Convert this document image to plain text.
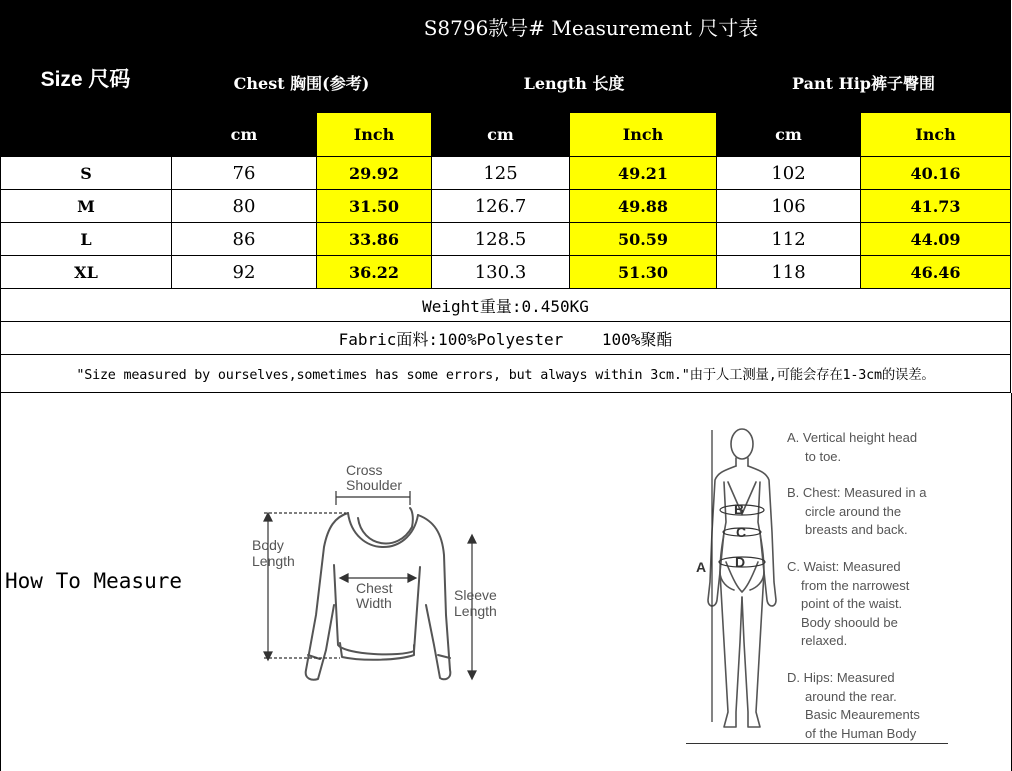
Size 尺码
S8796款号# Measurement 尺寸表
Chest 胸围(参考)	Length 长度	Pant Hip裤子臀围
cm	Inch	cm	Inch	cm	Inch
S	76	29.92	125	49.21	102	40.16
M	80	31.50	126.7	49.88	106	41.73
L	86	33.86	128.5	50.59	112	44.09
XL	92	36.22	130.3	51.30	118	46.46
Weight重量:0.450KG
Fabric面料:100%Polyester    100%聚酯
"Size measured by ourselves,sometimes has some errors, but always within 3cm."由于人工测量,可能会存在1-3cm的误差。
How To Measure
Cross
Shoulder
Body
Length
Chest
Width	Sleeve
Length
B
C
D
A
A. Vertical height head
to toe.
B. Chest: Measured in a
circle around the
breasts and back.
C. Waist: Measured
from the narrowest
point of the waist.
Body shoould be
relaxed.
D. Hips: Measured
around the rear.
Basic Meaurements
of the Human Body
